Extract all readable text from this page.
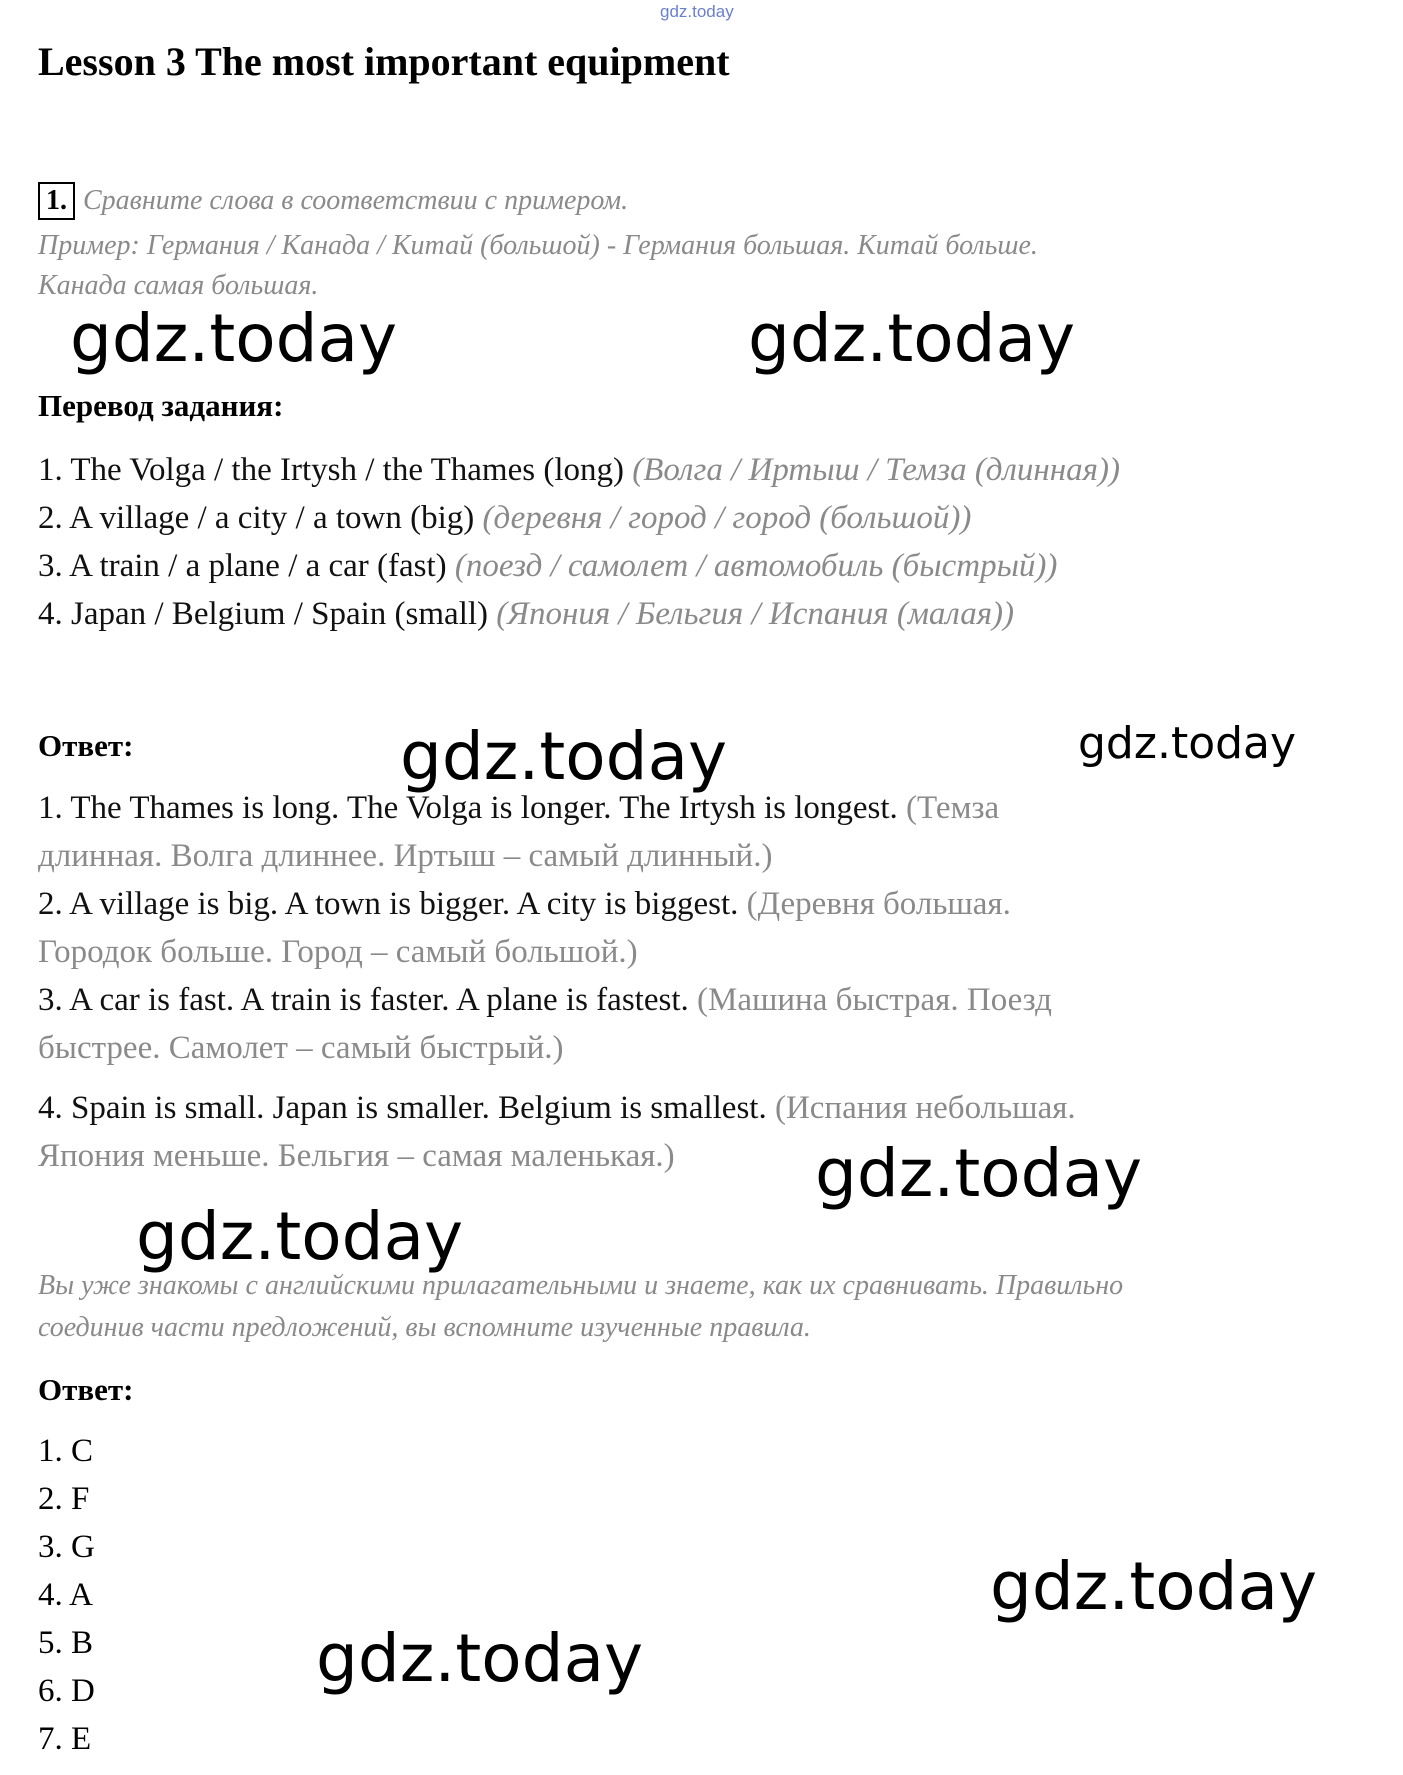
gdz.today
Lesson 3 The most important equipment
1. Сравните слова в соответствии с примером.
Пример: Германия / Канада / Китай (большой) - Германия большая. Китай больше.
Канада самая большая.
gdz.today	gdz.today
Перевод задания:
1. The Volga / the Irtysh / the Thames (long) (Волга / Иртыш / Темза (длинная))
2. A village / a city / a town (big) (деревня / город / город (большой))
3. A train / a plane / a car (fast) (поезд / самолет / автомобиль (быстрый))
4. Japan / Belgium / Spain (small) (Япония / Бельгия / Испания (малая))
Ответ:	gdz.today	gdz.today
1. The Thames is long. The Volga is longer. The Irtysh is longest. (Темза
длинная. Волга длиннее. Иртыш – самый длинный.)
2. A village is big. A town is bigger. A city is biggest. (Деревня большая.
Городок больше. Город – самый большой.)
3. A car is fast. A train is faster. A plane is fastest. (Машина быстрая. Поезд
быстрее. Самолет – самый быстрый.)
4. Spain is small. Japan is smaller. Belgium is smallest. (Испания небольшая.
Япония меньше. Бельгия – самая маленькая.) gdz.today
gdz.today
Вы уже знакомы с английскими прилагательными и знаете, как их сравнивать. Правильно
соединив части предложений, вы вспомните изученные правила.
Ответ:
1. C
2. F
3. G
4. A
5. B
6. D
7. E
gdz.today
gdz.today
